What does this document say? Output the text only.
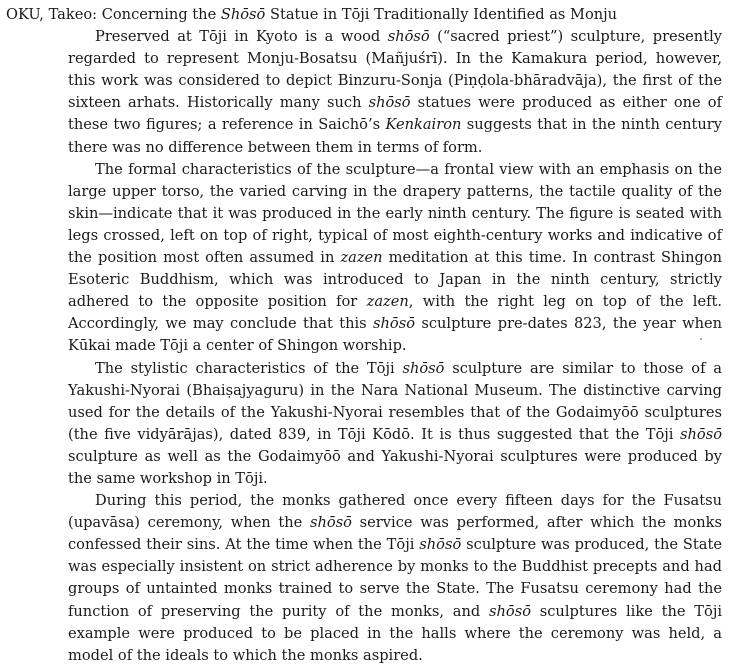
OKU, Takeo: Concerning the Shōsō Statue in Tōji Traditionally Identified as Monju

Preserved at Tōji in Kyoto is a wood shōsō (“sacred priest”) sculpture, presently regarded to represent Monju-Bosatsu (Mañjuśrī). In the Kamakura period, however, this work was considered to depict Binzuru-Sonja (Piṇḍola-bhāradvāja), the first of the sixteen arhats. Historically many such shōsō statues were produced as either one of these two figures; a reference in Saichō’s Kenkairon suggests that in the ninth century there was no difference between them in terms of form.

The formal characteristics of the sculpture—a frontal view with an emphasis on the large upper torso, the varied carving in the drapery patterns, the tactile quality of the skin—indicate that it was produced in the early ninth century. The figure is seated with legs crossed, left on top of right, typical of most eighth-century works and indicative of the position most often assumed in zazen meditation at this time. In contrast Shingon Esoteric Buddhism, which was introduced to Japan in the ninth century, strictly adhered to the opposite position for zazen, with the right leg on top of the left. Accordingly, we may conclude that this shōsō sculpture pre-dates 823, the year when Kūkai made Tōji a center of Shingon worship.

The stylistic characteristics of the Tōji shōsō sculpture are similar to those of a Yakushi-Nyorai (Bhaiṣajyaguru) in the Nara National Museum. The distinctive carving used for the details of the Yakushi-Nyorai resembles that of the Godaimyōō sculptures (the five vidyārājas), dated 839, in Tōji Kōdō. It is thus suggested that the Tōji shōsō sculpture as well as the Godaimyōō and Yakushi-Nyorai sculptures were produced by the same workshop in Tōji.

During this period, the monks gathered once every fifteen days for the Fusatsu (upavāsa) ceremony, when the shōsō service was performed, after which the monks confessed their sins. At the time when the Tōji shōsō sculpture was produced, the State was especially insistent on strict adherence by monks to the Buddhist precepts and had groups of untainted monks trained to serve the State. The Fusatsu ceremony had the function of preserving the purity of the monks, and shōsō sculptures like the Tōji example were produced to be placed in the halls where the ceremony was held, a model of the ideals to which the monks aspired.
